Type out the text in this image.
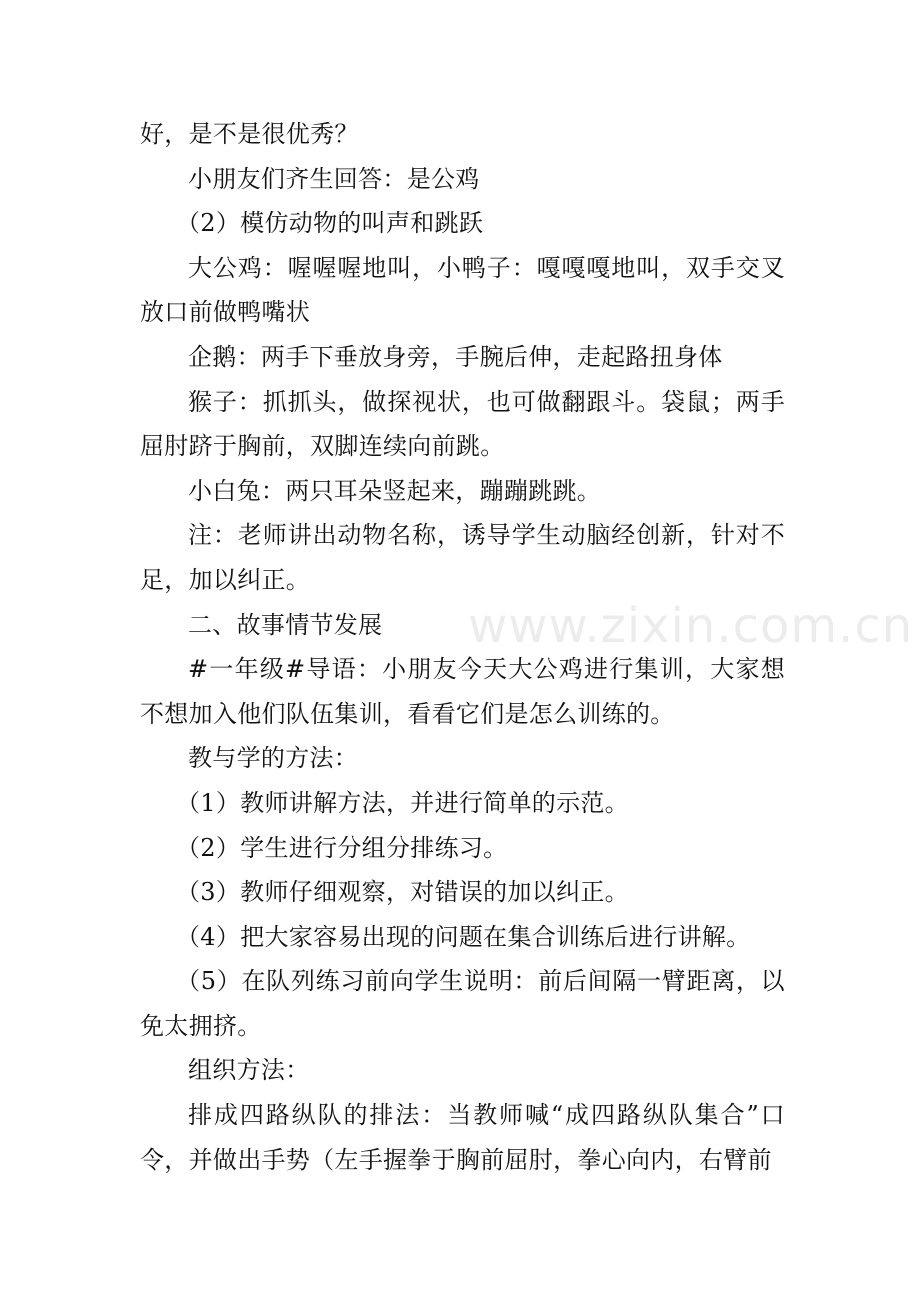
www.zixin.com.cn

好，是不是很优秀？

小朋友们齐生回答：是公鸡

（2）模仿动物的叫声和跳跃

大公鸡：喔喔喔地叫，小鸭子：嘎嘎嘎地叫，双手交叉放口前做鸭嘴状

企鹅：两手下垂放身旁，手腕后伸，走起路扭身体

猴子：抓抓头，做探视状，也可做翻跟斗。袋鼠；两手屈肘跻于胸前，双脚连续向前跳。

小白兔：两只耳朵竖起来，蹦蹦跳跳。

注：老师讲出动物名称，诱导学生动脑经创新，针对不足，加以纠正。

二、故事情节发展

#一年级#导语：小朋友今天大公鸡进行集训，大家想不想加入他们队伍集训，看看它们是怎么训练的。

教与学的方法：

（1）教师讲解方法，并进行简单的示范。

（2）学生进行分组分排练习。

（3）教师仔细观察，对错误的加以纠正。

（4）把大家容易出现的问题在集合训练后进行讲解。

（5）在队列练习前向学生说明：前后间隔一臂距离，以免太拥挤。

组织方法：

排成四路纵队的排法：当教师喊“成四路纵队集合”口令，并做出手势（左手握拳于胸前屈肘，拳心向内，右臂前
